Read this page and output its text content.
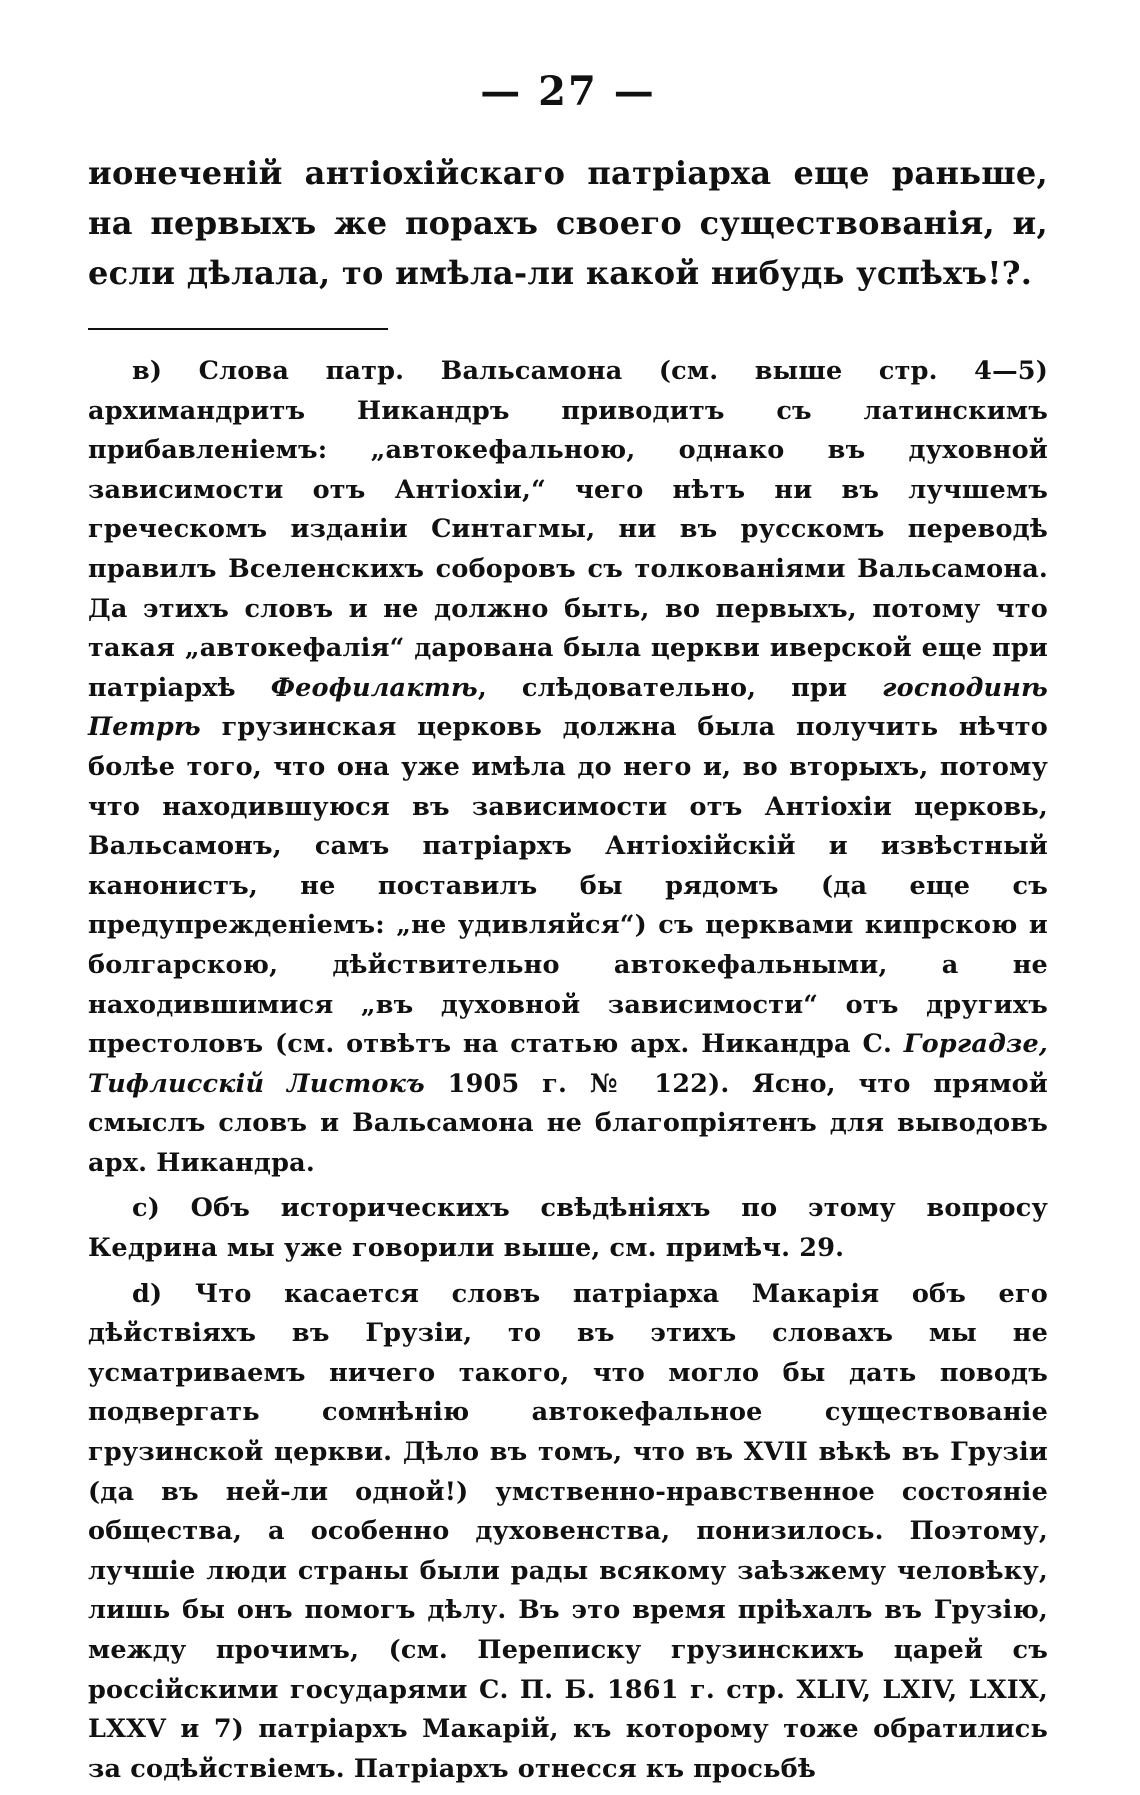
— 27 —

ионеченій антіохійскаго патріарха еще раньше, на первыхъ же порахъ своего существованія, и, если дѣлала, то имѣла-ли какой нибудь успѣхъ!?.

в) Слова патр. Вальсамона (см. выше стр. 4—5) архимандритъ Никандръ приводитъ съ латинскимъ прибавленіемъ: „автокефальною, однако въ духовной зависимости отъ Антіохіи,“ чего нѣтъ ни въ лучшемъ греческомъ изданіи Синтагмы, ни въ русскомъ переводѣ правилъ Вселенскихъ соборовъ съ толкованіями Вальсамона. Да этихъ словъ и не должно быть, во первыхъ, потому что такая „автокефалія“ дарована была церкви иверской еще при патріархѣ Феофилактѣ, слѣдовательно, при господинѣ Петрѣ грузинская церковь должна была получить нѣчто болѣе того, что она уже имѣла до него и, во вторыхъ, потому что находившуюся въ зависимости отъ Антіохіи церковь, Вальсамонъ, самъ патріархъ Антіохійскій и извѣстный канонистъ, не поставилъ бы рядомъ (да еще съ предупрежденіемъ: „не удивляйся“) съ церквами кипрскою и болгарскою, дѣйствительно автокефальными, а не находившимися „въ духовной зависимости“ отъ другихъ престоловъ (см. отвѣтъ на статью арх. Никандра С. Горгадзе, Тифлисскій Листокъ 1905 г. № 122). Ясно, что прямой смыслъ словъ и Вальсамона не благопріятенъ для выводовъ арх. Никандра.

с) Объ историческихъ свѣдѣніяхъ по этому вопросу Кедрина мы уже говорили выше, см. примѣч. 29.

d) Что касается словъ патріарха Макарія объ его дѣйствіяхъ въ Грузіи, то въ этихъ словахъ мы не усматриваемъ ничего такого, что могло бы дать поводъ подвергать сомнѣнію автокефальное существованіе грузинской церкви. Дѣло въ томъ, что въ XVII вѣкѣ въ Грузіи (да въ ней-ли одной!) умственно-нравственное состояніе общества, а особенно духовенства, понизилось. Поэтому, лучшіе люди страны были рады всякому заѣзжему человѣку, лишь бы онъ помогъ дѣлу. Въ это время пріѣхалъ въ Грузію, между прочимъ, (см. Переписку грузинскихъ царей съ россійскими государями С. П. Б. 1861 г. стр. XLIV, LXIV, LXIX, LXXV и 7) патріархъ Макарій, къ которому тоже обратились за содѣйствіемъ. Патріархъ отнесся къ просьбѣ
